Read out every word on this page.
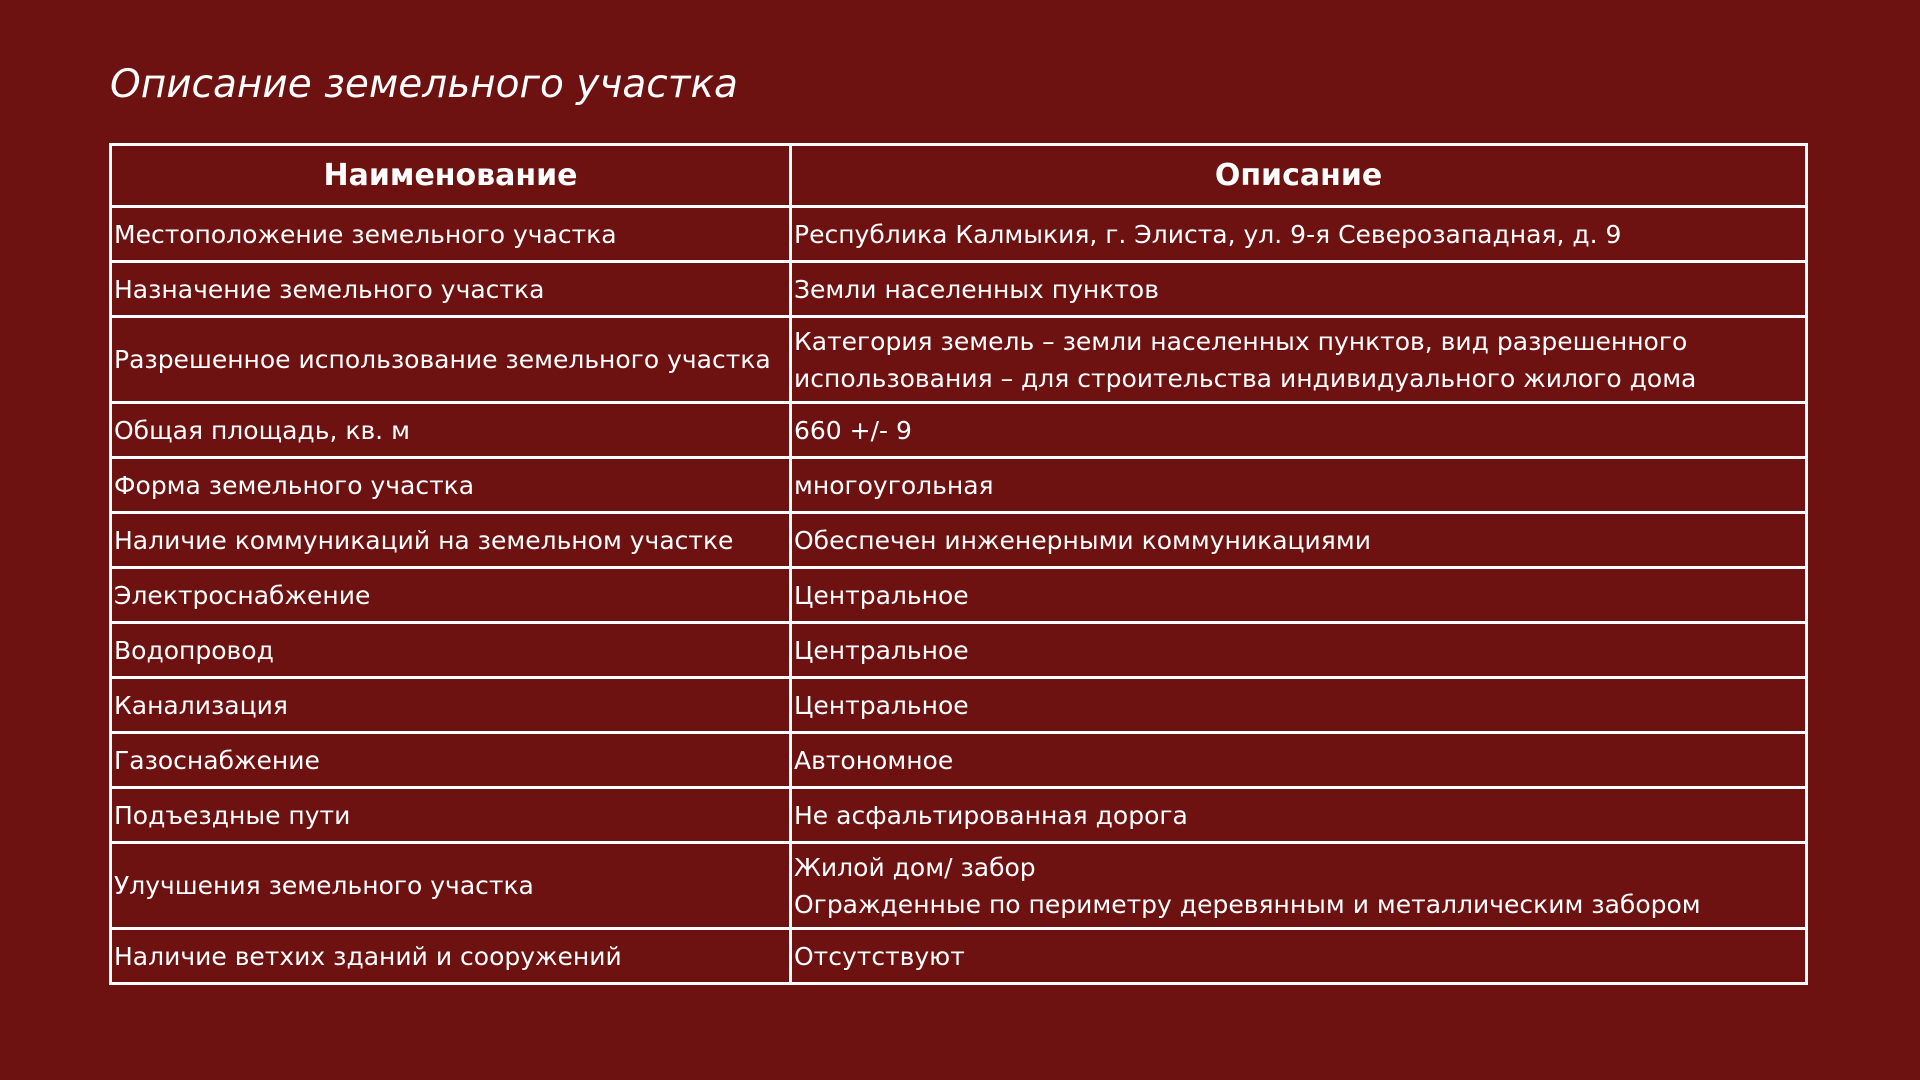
Описание земельного участка
Наименование	Описание
Местоположение земельного участка	Республика Калмыкия, г. Элиста, ул. 9-я Северозападная, д. 9
Назначение земельного участка	Земли населенных пунктов
Разрешенное использование земельного участка	Категория земель – земли населенных пунктов, вид разрешенного
использования – для строительства индивидуального жилого дома

Общая площадь, кв. м	660 +/- 9
Форма земельного участка	многоугольная
Наличие коммуникаций на земельном участке	Обеспечен инженерными коммуникациями
Электроснабжение	Центральное
Водопровод	Центральное
Канализация	Центральное
Газоснабжение	Автономное
Подъездные пути	Не асфальтированная дорога
Улучшения земельного участка	Жилой дом/ забор
Огражденные по периметру деревянным и металлическим забором

Наличие ветхих зданий и сооружений	Отсутствуют
